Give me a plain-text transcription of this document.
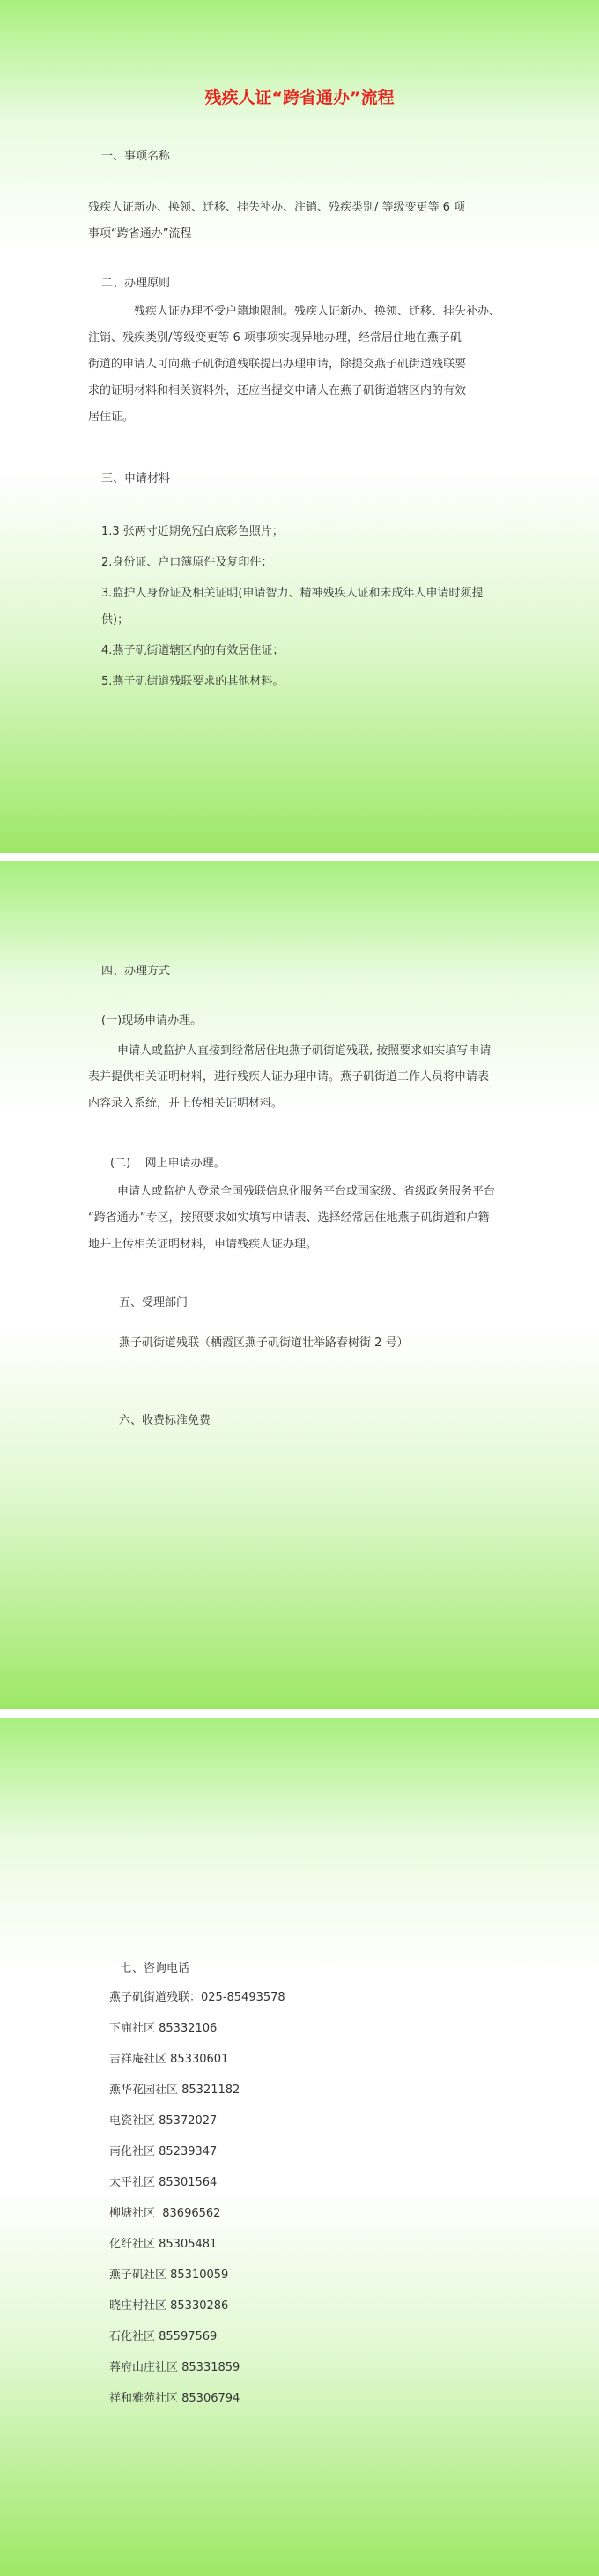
残疾人证“跨省通办”流程
一、事项名称
残疾人证新办、换领、迁移、挂失补办、注销、残疾类别/ 等级变更等 6 项
事项“跨省通办”流程
二、办理原则
残疾人证办理不受户籍地限制。残疾人证新办、换领、迁移、挂失补办、
注销、残疾类别/等级变更等 6 项事项实现异地办理，经常居住地在燕子矶
街道的申请人可向燕子矶街道残联提出办理申请，除提交燕子矶街道残联要
求的证明材料和相关资料外，还应当提交申请人在燕子矶街道辖区内的有效
居住证。
三、申请材料
1.3 张两寸近期免冠白底彩色照片；
2.身份证、户口簿原件及复印件；
3.监护人身份证及相关证明(申请智力、精神残疾人证和未成年人申请时须提
供)；
4.燕子矶街道辖区内的有效居住证；
5.燕子矶街道残联要求的其他材料。
四、办理方式
(一)现场申请办理。
申请人或监护人直接到经常居住地燕子矶街道残联, 按照要求如实填写申请
表并提供相关证明材料，进行残疾人证办理申请。燕子矶街道工作人员将申请表
内容录入系统，并上传相关证明材料。
(二)    网上申请办理。
申请人或监护人登录全国残联信息化服务平台或国家级、省级政务服务平台
“跨省通办”专区，按照要求如实填写申请表、选择经常居住地燕子矶街道和户籍
地并上传相关证明材料，申请残疾人证办理。
五、受理部门
燕子矶街道残联（栖霞区燕子矶街道壮举路春树街 2 号）
六、收费标准免费
七、咨询电话
燕子矶街道残联：025-85493578
下庙社区 85332106
吉祥庵社区 85330601
燕华花园社区 85321182
电瓷社区 85372027
南化社区 85239347
太平社区 85301564
柳塘社区  83696562
化纤社区 85305481
燕子矶社区 85310059
晓庄村社区 85330286
石化社区 85597569
幕府山庄社区 85331859
祥和雅苑社区 85306794
